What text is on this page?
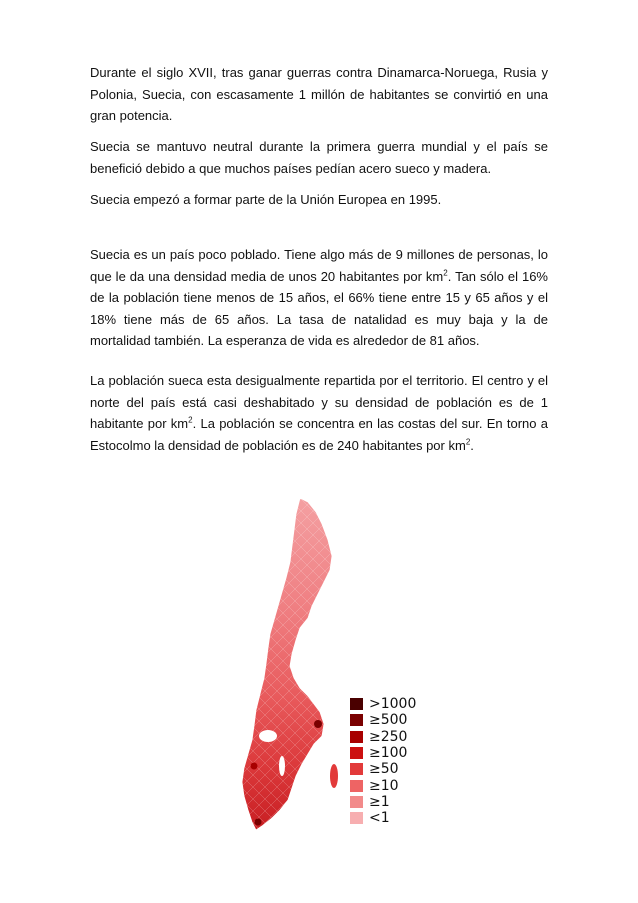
Durante el siglo XVII, tras ganar guerras contra Dinamarca-Noruega, Rusia y Polonia, Suecia, con escasamente 1 millón de habitantes se convirtió en una gran potencia.

Suecia se mantuvo neutral durante la primera guerra mundial y el país se benefició debido a que muchos países pedían acero sueco y madera.

Suecia empezó a formar parte de la Unión Europea en 1995.

Suecia es un país poco poblado. Tiene algo más de 9 millones de personas, lo que le da una densidad media de unos 20 habitantes por $km^2$. Tan sólo el 16% de la población tiene menos de 15 años, el 66% tiene entre 15 y 65 años y el 18% tiene más de 65 años. La tasa de natalidad es muy baja y la de mortalidad también. La esperanza de vida es alrededor de 81 años.

La población sueca esta desigualmente repartida por el territorio. El centro y el norte del país está casi deshabitado y su densidad de población es de 1 habitante por $km^2$. La población se concentra en las costas del sur. En torno a Estocolmo la densidad de población es de 240 habitantes por $km^2$.

>1000
≥500
≥250
≥100
≥50
≥10
≥1
<1
